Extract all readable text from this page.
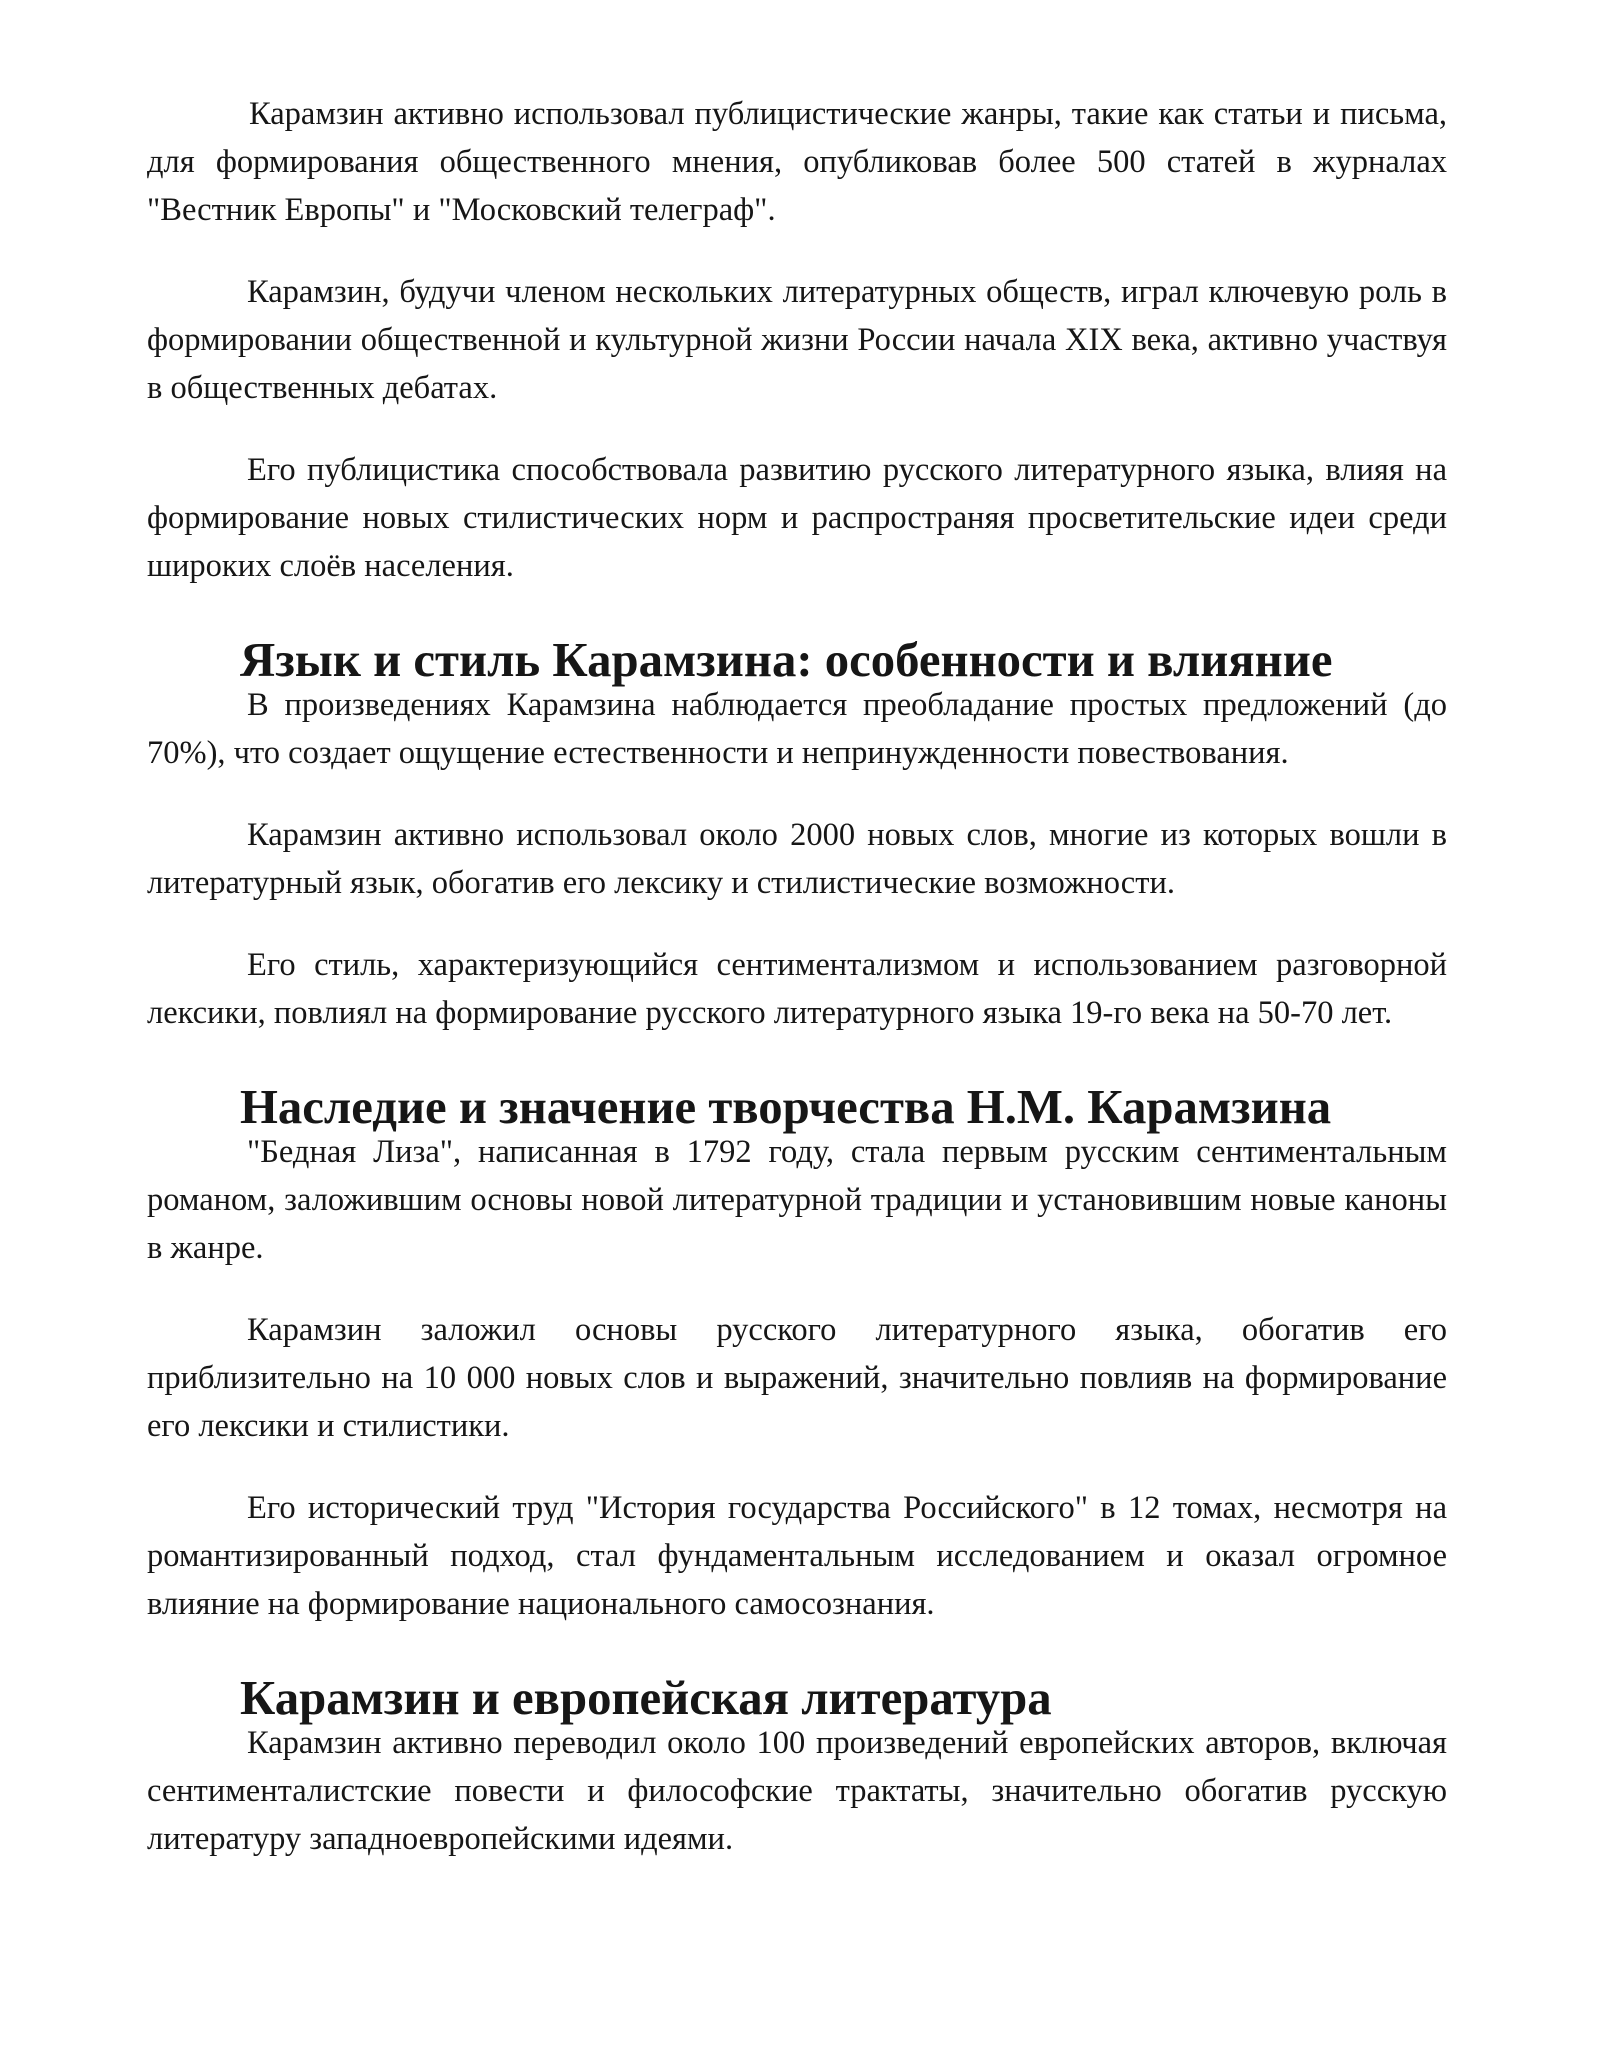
Карамзин активно использовал публицистические жанры, такие как статьи и письма, для формирования общественного мнения, опубликовав более 500 статей в журналах "Вестник Европы" и "Московский телеграф".

Карамзин, будучи членом нескольких литературных обществ, играл ключевую роль в формировании общественной и культурной жизни России начала XIX века, активно участвуя в общественных дебатах.

Его публицистика способствовала развитию русского литературного языка, влияя на формирование новых стилистических норм и распространяя просветительские идеи среди широких слоёв населения.

Язык и стиль Карамзина: особенности и влияние

В произведениях Карамзина наблюдается преобладание простых предложений (до 70%), что создает ощущение естественности и непринужденности повествования.

Карамзин активно использовал около 2000 новых слов, многие из которых вошли в литературный язык, обогатив его лексику и стилистические возможности.

Его стиль, характеризующийся сентиментализмом и использованием разговорной лексики, повлиял на формирование русского литературного языка 19-го века на 50-70 лет.

Наследие и значение творчества Н.М. Карамзина

"Бедная Лиза", написанная в 1792 году, стала первым русским сентиментальным романом, заложившим основы новой литературной традиции и установившим новые каноны в жанре.

Карамзин заложил основы русского литературного языка, обогатив его приблизительно на 10 000 новых слов и выражений, значительно повлияв на формирование его лексики и стилистики.

Его исторический труд "История государства Российского" в 12 томах, несмотря на романтизированный подход, стал фундаментальным исследованием и оказал огромное влияние на формирование национального самосознания.

Карамзин и европейская литература

Карамзин активно переводил около 100 произведений европейских авторов, включая сентименталистские повести и философские трактаты, значительно обогатив русскую литературу западноевропейскими идеями.
